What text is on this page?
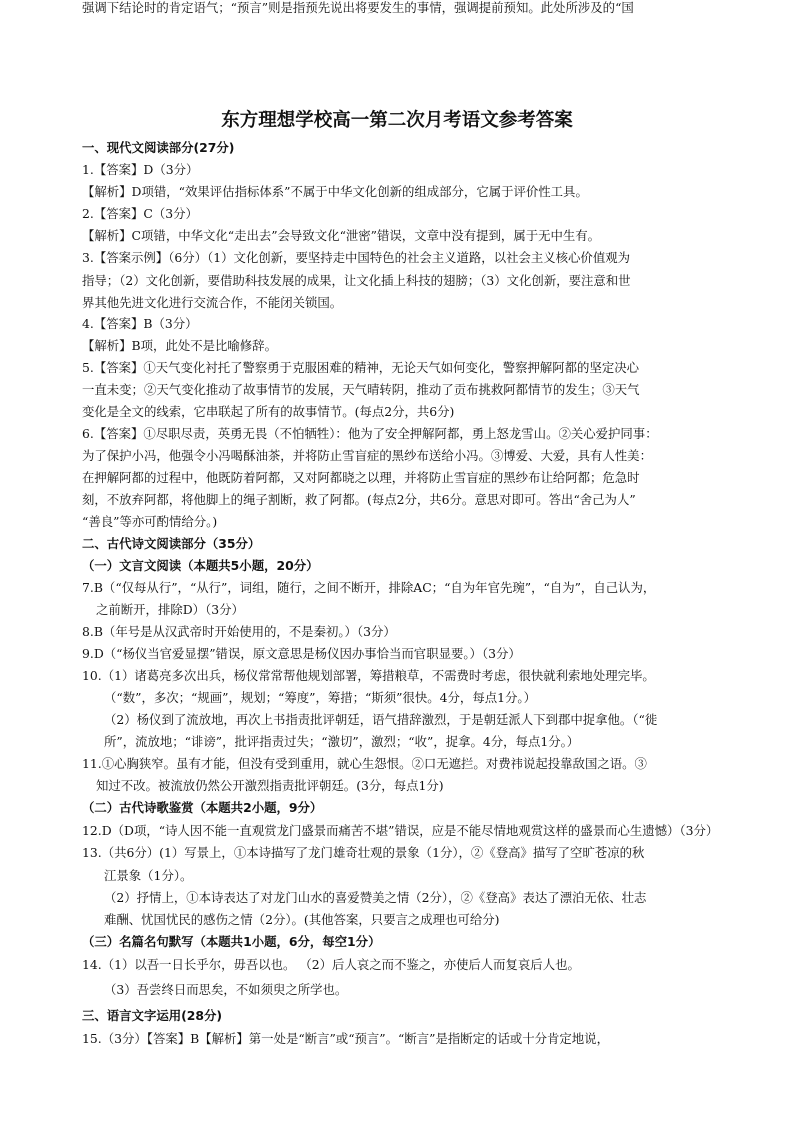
东方理想学校高一第二次月考语文参考答案
一、现代文阅读部分(27分)
1.【答案】D（3分）
【解析】D项错，“效果评估指标体系”不属于中华文化创新的组成部分，它属于评价性工具。
2.【答案】C（3分）
【解析】C项错，中华文化“走出去”会导致文化“泄密”错误，文章中没有提到，属于无中生有。
3.【答案示例】（6分）（1）文化创新，要坚持走中国特色的社会主义道路，以社会主义核心价值观为
指导；（2）文化创新，要借助科技发展的成果，让文化插上科技的翅膀；（3）文化创新，要注意和世
界其他先进文化进行交流合作，不能闭关锁国。
4.【答案】B（3分）
【解析】B项，此处不是比喻修辞。
5.【答案】①天气变化衬托了警察勇于克服困难的精神，无论天气如何变化，警察押解阿都的坚定决心
一直未变；②天气变化推动了故事情节的发展，天气晴转阴，推动了贡布挑救阿都情节的发生；③天气
变化是全文的线索，它串联起了所有的故事情节。(每点2分，共6分)
6.【答案】①尽职尽责，英勇无畏（不怕牺牲）：他为了安全押解阿都，勇上怒龙雪山。②关心爱护同事：
为了保护小冯，他强令小冯喝酥油茶，并将防止雪盲症的黑纱布送给小冯。③博爱、大爱，具有人性美：
在押解阿都的过程中，他既防着阿都，又对阿都晓之以理，并将防止雪盲症的黑纱布让给阿都；危急时
刻，不放弃阿都，将他脚上的绳子割断，救了阿都。(每点2分，共6分。意思对即可。答出“舍己为人”
“善良”等亦可酌情给分。)
二、古代诗文阅读部分（35分）
（一）文言文阅读（本题共5小题，20分）
7.B（“仅每从行”，“从行”，词组，随行，之间不断开，排除AC；“自为年官先琬”，“自为”，自己认为，
之前断开，排除D）（3分）
8.B（年号是从汉武帝时开始使用的，不是秦初。）（3分）
9.D（“杨仪当官爱显摆”错误，原文意思是杨仪因办事恰当而官职显要。）（3分）
10.（1）诸葛亮多次出兵，杨仪常常帮他规划部署，筹措粮草，不需费时考虑，很快就利索地处理完毕。
（“数”，多次；“规画”，规划；“筹度”，筹措；“斯须”很快。4分，每点1分。）
（2）杨仪到了流放地，再次上书指责批评朝廷，语气措辞激烈，于是朝廷派人下到郡中捉拿他。（“徙
所”，流放地；“诽谤”，批评指责过失；“激切”，激烈；“收”，捉拿。4分，每点1分。）
11.①心胸狭窄。虽有才能，但没有受到重用，就心生怨恨。②口无遮拦。对费祎说起投靠敌国之语。③
知过不改。被流放仍然公开激烈指责批评朝廷。(3分，每点1分)
（二）古代诗歌鉴赏（本题共2小题，9分）
12.D（D项，“诗人因不能一直观赏龙门盛景而痛苦不堪”错误，应是不能尽情地观赏这样的盛景而心生遗憾）（3分）
13.（共6分）(1）写景上，①本诗描写了龙门雄奇壮观的景象（1分），②《登高》描写了空旷苍凉的秋
江景象（1分）。
（2）抒情上，①本诗表达了对龙门山水的喜爱赞美之情（2分），②《登高》表达了漂泊无依、壮志
难酬、忧国忧民的感伤之情（2分）。(其他答案，只要言之成理也可给分)
（三）名篇名句默写（本题共1小题，6分，每空1分）
14.（1）以吾一日长乎尔，毋吾以也。 （2）后人哀之而不鉴之，亦使后人而复哀后人也。
（3）吾尝终日而思矣，不如须臾之所学也。
三、语言文字运用(28分)
15.（3分）【答案】B【解析】第一处是“断言”或“预言”。“断言”是指断定的话或十分肯定地说，
强调下结论时的肯定语气；“预言”则是指预先说出将要发生的事情，强调提前预知。此处所涉及的“国
